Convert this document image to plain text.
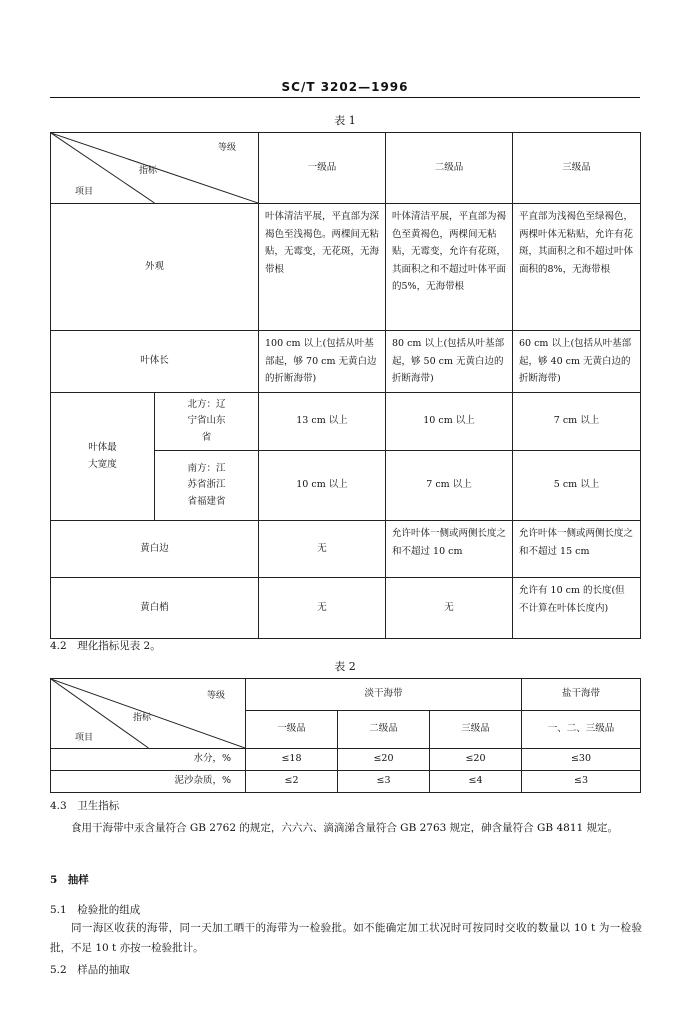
SC/T 3202—1996
表 1
等级
指标
项目		一级品	二级品	三级品
外观		叶体清洁平展，平直部为深褐色至浅褐色。两棵间无粘贴，无霉变，无花斑，无海带根	叶体清洁平展，平直部为褐色至黄褐色，两棵间无粘贴，无霉变，允许有花斑，其面积之和不超过叶体平面的5%，无海带根	平直部为浅褐色至绿褐色，两棵叶体无粘贴，允许有花斑，其面积之和不超过叶体面积的8%，无海带根
叶体长		100 cm 以上(包括从叶基部起，够 70 cm 无黄白边的折断海带)	80 cm 以上(包括从叶基部起，够 50 cm 无黄白边的折断海带)	60 cm 以上(包括从叶基部起，够 40 cm 无黄白边的折断海带)
叶体最大宽度	北方：辽宁省山东省	13 cm 以上	10 cm 以上	7 cm 以上
	南方：江苏省浙江省福建省	10 cm 以上	7 cm 以上	5 cm 以上
黄白边		无	允许叶体一侧或两侧长度之和不超过 10 cm	允许叶体一侧或两侧长度之和不超过 15 cm
黄白梢		无	无	允许有 10 cm 的长度(但不计算在叶体长度内)
4.2　理化指标见表 2。
表 2
等级
指标
项目	淡干海带			盐干海带
	一级品	二级品	三级品	一、二、三级品
水分，%	≤18	≤20	≤20	≤30
泥沙杂质，%	≤2	≤3	≤4	≤3
4.3　卫生指标
食用干海带中汞含量符合 GB 2762 的规定，六六六、滴滴涕含量符合 GB 2763 规定，砷含量符合 GB 4811 规定。
5　抽样
5.1　检验批的组成
同一海区收获的海带，同一天加工晒干的海带为一检验批。如不能确定加工状况时可按同时交收的数量以 10 t 为一检验批，不足 10 t 亦按一检验批计。
5.2　样品的抽取
